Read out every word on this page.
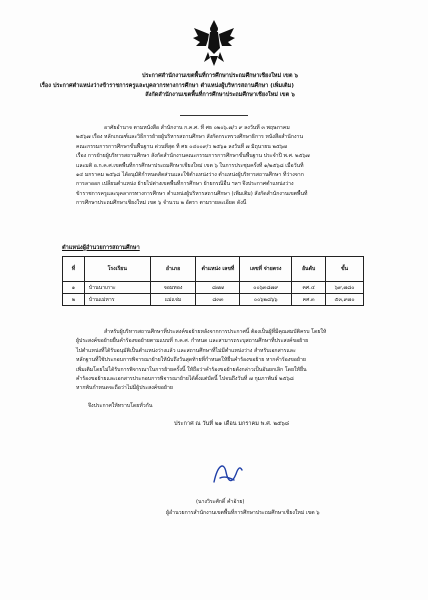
ประกาศสำนักงานเขตพื้นที่การศึกษาประถมศึกษาเชียงใหม่ เขต ๖
เรื่อง ประกาศตำแหน่งว่างข้าราชการครูและบุคลากรทางการศึกษา ตำแหน่งผู้บริหารสถานศึกษา (เพิ่มเติม)
สังกัดสำนักงานเขตพื้นที่การศึกษาประถมศึกษาเชียงใหม่ เขต ๖
อาศัยอำนาจ ตามหนังสือ สำนักงาน ก.ค.ศ. ที่ ศธ ๐๒๐๖.๗/ว ๙ ลงวันที่ ๓ พฤษภาคม
๒๕๖๗ เรื่อง หลักเกณฑ์และวิธีการย้ายผู้บริหารสถานศึกษา สังกัดกระทรวงศึกษาธิการ หนังสือสำนักงาน
คณะกรรมการการศึกษาขั้นพื้นฐาน ด่วนที่สุด ที่ ศธ ๐๔๐๐๙/ว ๒๕๖๑ ลงวันที่ ๗ มิถุนายน ๒๕๖๗
เรื่อง การย้ายผู้บริหารสถานศึกษา สังกัดสำนักงานคณะกรรมการการศึกษาขั้นพื้นฐาน ประจำปี พ.ศ. ๒๕๖๗
และมติ อ.ก.ค.ศ.เขตพื้นที่การศึกษาประถมศึกษาเชียงใหม่ เขต ๖ ในการประชุมครั้งที่ ๑/๒๕๖๘ เมื่อวันที่
๑๔ มกราคม ๒๕๖๘ ได้อนุมัติกำหนดสัดส่วนและใช้ตำแหน่งว่าง ตำแหน่งผู้บริหารสถานศึกษา ที่ว่างจาก
การลาออก เปลี่ยนตำแหน่ง ย้ายไปต่างเขตพื้นที่การศึกษา ย้ายกรณีอื่น ฯลฯ จึงประกาศตำแหน่งว่าง
ข้าราชการครูและบุคลากรทางการศึกษา ตำแหน่งผู้บริหารสถานศึกษา (เพิ่มเติม) สังกัดสำนักงานเขตพื้นที่
การศึกษาประถมศึกษาเชียงใหม่ เขต ๖ จำนวน ๒ อัตรา ตามรายละเอียด ดังนี้
ตำแหน่งผู้อำนวยการสถานศึกษา
ที่	โรงเรียน	อำเภอ	ตำแหน่ง เลขที่	เลขที่ จ่ายตรง	อันดับ	ขั้น
๑	บ้านนาเกาะ	จอมทอง	๘๗๗	๐๐๖๓๘๗๙	คศ.๔	๖๙,๗๘๐
๒	บ้านแม่หาร	แม่แจ่ม	๘๓๓	๐๐๖๒๘๖๖	คศ.๓	๕๓,๙๗๐
สำหรับผู้บริหารสถานศึกษาที่ประสงค์ขอย้ายหลังจากการประกาศนี้ ต้องเป็นผู้ที่มีคุณสมบัติครบ โดยให้
ผู้ประสงค์ขอย้ายยื่นคำร้องขอย้ายตามแบบที่ ก.ค.ศ. กำหนด และสามารถระบุสถานศึกษาที่ประสงค์ขอย้าย
ไปตำแหน่งที่ได้รับอนุมัติเป็นตำแหน่งว่างแล้ว และสถานศึกษาที่ไม่มีตำแหน่งว่าง สำหรับเอกสารและ
หลักฐานที่ใช้ประกอบการพิจารณาย้ายให้นับถึงวันสุดท้ายที่กำหนดให้ยื่นคำร้องขอย้าย หากคำร้องขอย้าย
เพิ่มเติมโดยไม่ได้รับการพิจารณาในการย้ายครั้งนี้ ให้ถือว่าคำร้องขอย้ายดังกล่าวเป็นอันยกเลิก โดยให้ยื่น
คำร้องขอย้ายและเอกสารประกอบการพิจารณาย้ายได้ตั้งแต่บัดนี้ ไปจนถึงวันที่ ๗ กุมภาพันธ์ ๒๕๖๘
หากพ้นกำหนดจะถือว่าไม่มีผู้ประสงค์ขอย้าย
จึงประกาศให้ทราบโดยทั่วกัน
ประกาศ ณ วันที่ ๒๑ เดือน มกราคม พ.ศ. ๒๕๖๘
(นางวิระศักดิ์ คำอ้าย)
ผู้อำนวยการสำนักงานเขตพื้นที่การศึกษาประถมศึกษาเชียงใหม่ เขต ๖
